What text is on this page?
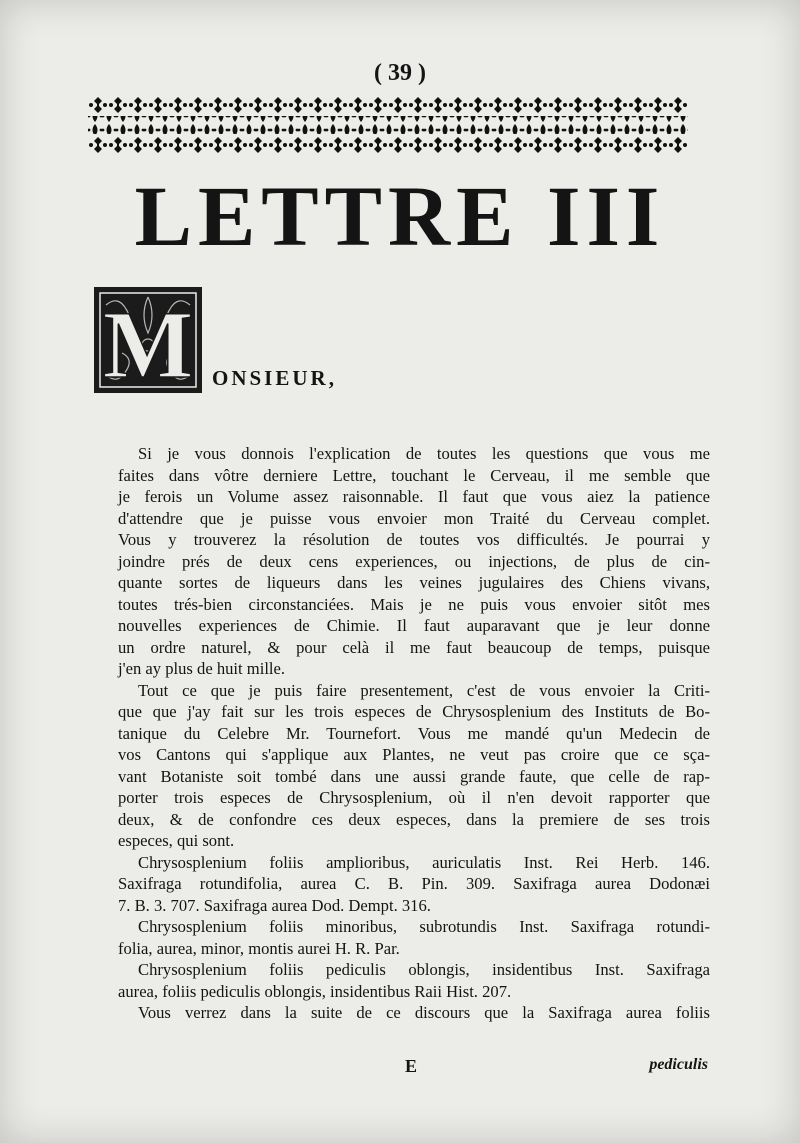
( 39 )
LETTRE III
M ONSIEUR,
Si je vous donnois l'explication de toutes les questions que vous me
faites dans vôtre derniere Lettre, touchant le Cerveau, il me semble que
je ferois un Volume assez raisonnable. Il faut que vous aiez la patience
d'attendre que je puisse vous envoier mon Traité du Cerveau complet.
Vous y trouverez la résolution de toutes vos difficultés. Je pourrai y
joindre prés de deux cens experiences, ou injections, de plus de cin-
quante sortes de liqueurs dans les veines jugulaires des Chiens vivans,
toutes trés-bien circonstanciées. Mais je ne puis vous envoier sitôt mes
nouvelles experiences de Chimie. Il faut auparavant que je leur donne
un ordre naturel, & pour celà il me faut beaucoup de temps, puisque
j'en ay plus de huit mille.
Tout ce que je puis faire presentement, c'est de vous envoier la Criti-
que que j'ay fait sur les trois especes de Chrysosplenium des Instituts de Bo-
tanique du Celebre Mr. Tournefort. Vous me mandé qu'un Medecin de
vos Cantons qui s'applique aux Plantes, ne veut pas croire que ce sça-
vant Botaniste soit tombé dans une aussi grande faute, que celle de rap-
porter trois especes de Chrysosplenium, où il n'en devoit rapporter que
deux, & de confondre ces deux especes, dans la premiere de ses trois
especes, qui sont.
Chrysosplenium foliis amplioribus, auriculatis Inst. Rei Herb. 146.
Saxifraga rotundifolia, aurea C. B. Pin. 309. Saxifraga aurea Dodonæi
7. B. 3. 707. Saxifraga aurea Dod. Dempt. 316.
Chrysosplenium foliis minoribus, subrotundis Inst. Saxifraga rotundi-
folia, aurea, minor, montis aurei H. R. Par.
Chrysosplenium foliis pediculis oblongis, insidentibus Inst. Saxifraga
aurea, foliis pediculis oblongis, insidentibus Raii Hist. 207.
Vous verrez dans la suite de ce discours que la Saxifraga aurea foliis
E	pediculis
